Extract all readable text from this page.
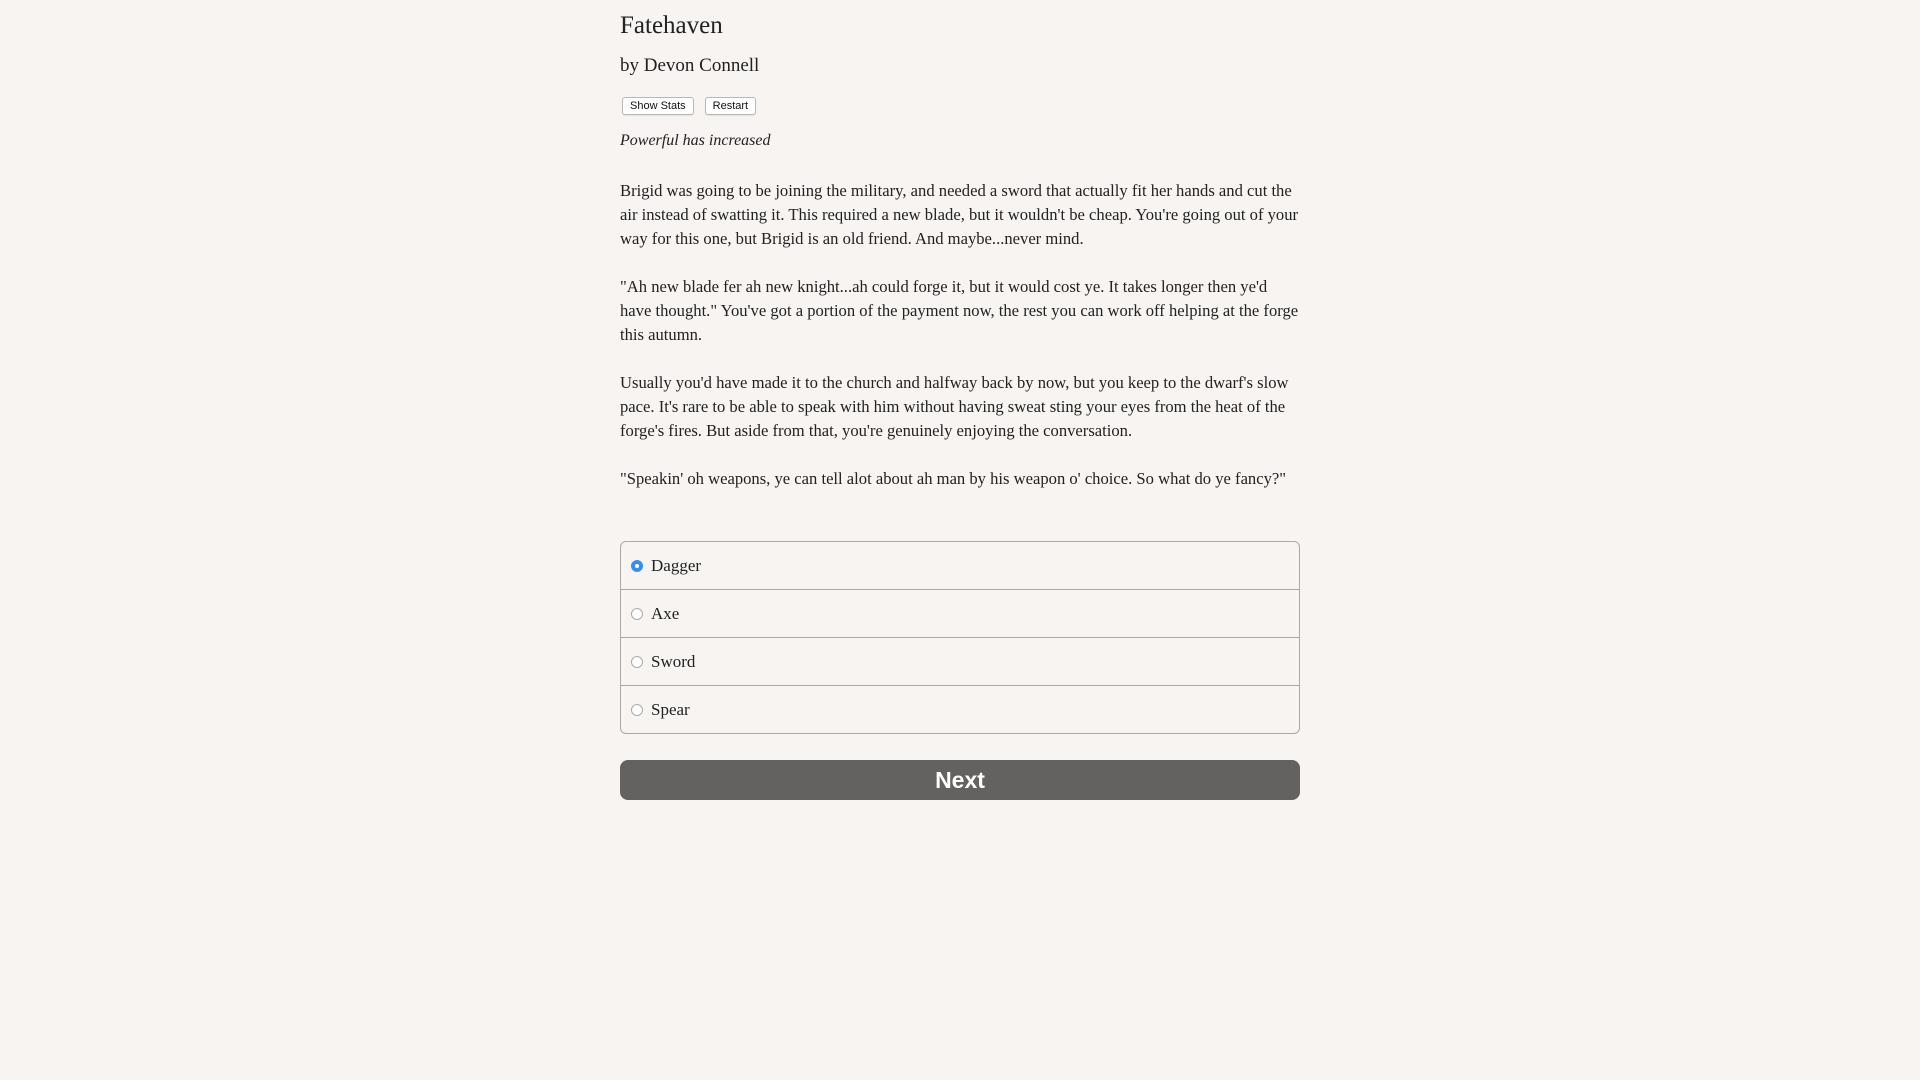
Fatehaven
by Devon Connell
Show Stats	Restart
Powerful has increased

Brigid was going to be joining the military, and needed a sword that actually fit her hands and cut the air instead of swatting it. This required a new blade, but it wouldn't be cheap. You're going out of your way for this one, but Brigid is an old friend. And maybe...never mind.

"Ah new blade fer ah new knight...ah could forge it, but it would cost ye. It takes longer then ye'd have thought." You've got a portion of the payment now, the rest you can work off helping at the forge this autumn.

Usually you'd have made it to the church and halfway back by now, but you keep to the dwarf's slow pace. It's rare to be able to speak with him without having sweat sting your eyes from the heat of the forge's fires. But aside from that, you're genuinely enjoying the conversation.

"Speakin' oh weapons, ye can tell alot about ah man by his weapon o' choice. So what do ye fancy?"

Dagger
Axe
Sword
Spear
Next
